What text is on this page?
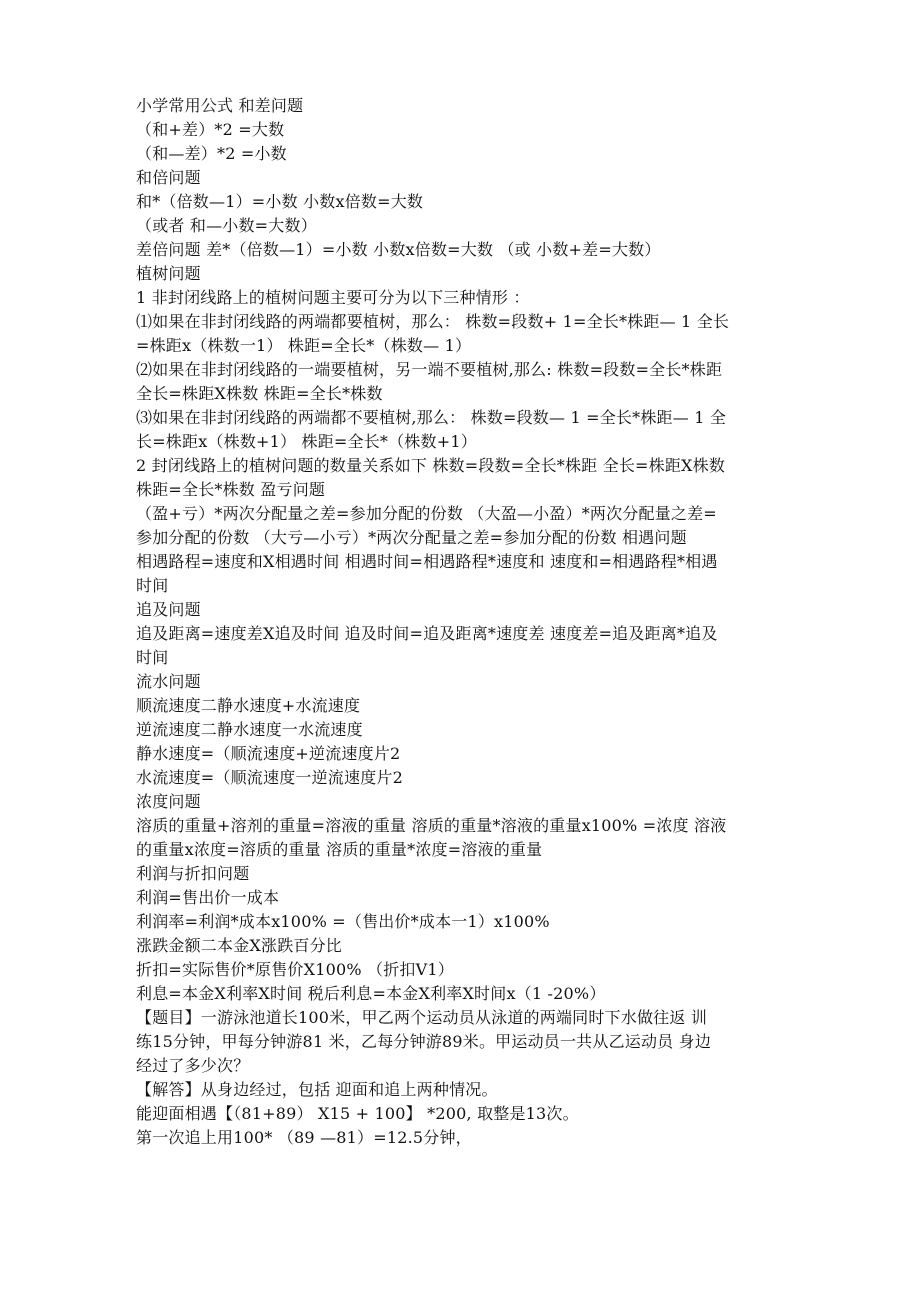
小学常用公式 和差问题
（和+差）*2 =大数
（和—差）*2 =小数
和倍问题
和*（倍数—1）=小数 小数x倍数=大数
（或者 和—小数=大数）
差倍问题 差*（倍数—1）=小数 小数x倍数=大数 （或 小数+差=大数）
植树问题
1 非封闭线路上的植树问题主要可分为以下三种情形 ：
⑴如果在非封闭线路的两端都要植树，那么： 株数=段数+ 1=全长*株距— 1 全长
=株距x（株数一1） 株距=全长*（株数— 1）
⑵如果在非封闭线路的一端要植树，另一端不要植树,那么: 株数=段数=全长*株距
全长=株距X株数 株距=全长*株数
⑶如果在非封闭线路的两端都不要植树,那么： 株数=段数— 1 =全长*株距— 1 全
长=株距x（株数+1） 株距=全长*（株数+1）
2 封闭线路上的植树问题的数量关系如下 株数=段数=全长*株距 全长=株距X株数
株距=全长*株数 盈亏问题
（盈+亏）*两次分配量之差=参加分配的份数 （大盈—小盈）*两次分配量之差=
参加分配的份数 （大亏—小亏）*两次分配量之差=参加分配的份数 相遇问题
相遇路程=速度和X相遇时间 相遇时间=相遇路程*速度和 速度和=相遇路程*相遇
时间
追及问题
追及距离=速度差X追及时间 追及时间=追及距离*速度差 速度差=追及距离*追及
时间
流水问题
顺流速度二静水速度+水流速度
逆流速度二静水速度一水流速度
静水速度=（顺流速度+逆流速度片2
水流速度=（顺流速度一逆流速度片2
浓度问题
溶质的重量+溶剂的重量=溶液的重量 溶质的重量*溶液的重量x100% =浓度 溶液
的重量x浓度=溶质的重量 溶质的重量*浓度=溶液的重量
利润与折扣问题
利润=售出价一成本
利润率=利润*成本x100% =（售出价*成本一1）x100%
涨跌金额二本金X涨跌百分比
折扣=实际售价*原售价X100% （折扣V1）
利息=本金X利率X时间 税后利息=本金X利率X时间x（1 -20%）
【题目】一游泳池道长100米，甲乙两个运动员从泳道的两端同时下水做往返 训
练15分钟，甲每分钟游81 米，乙每分钟游89米。甲运动员一共从乙运动员 身边
经过了多少次？
【解答】从身边经过，包括 迎面和追上两种情况。
能迎面相遇【（81+89） X15 + 100】 *200, 取整是13次。
第一次追上用100* （89 —81）=12.5分钟，
